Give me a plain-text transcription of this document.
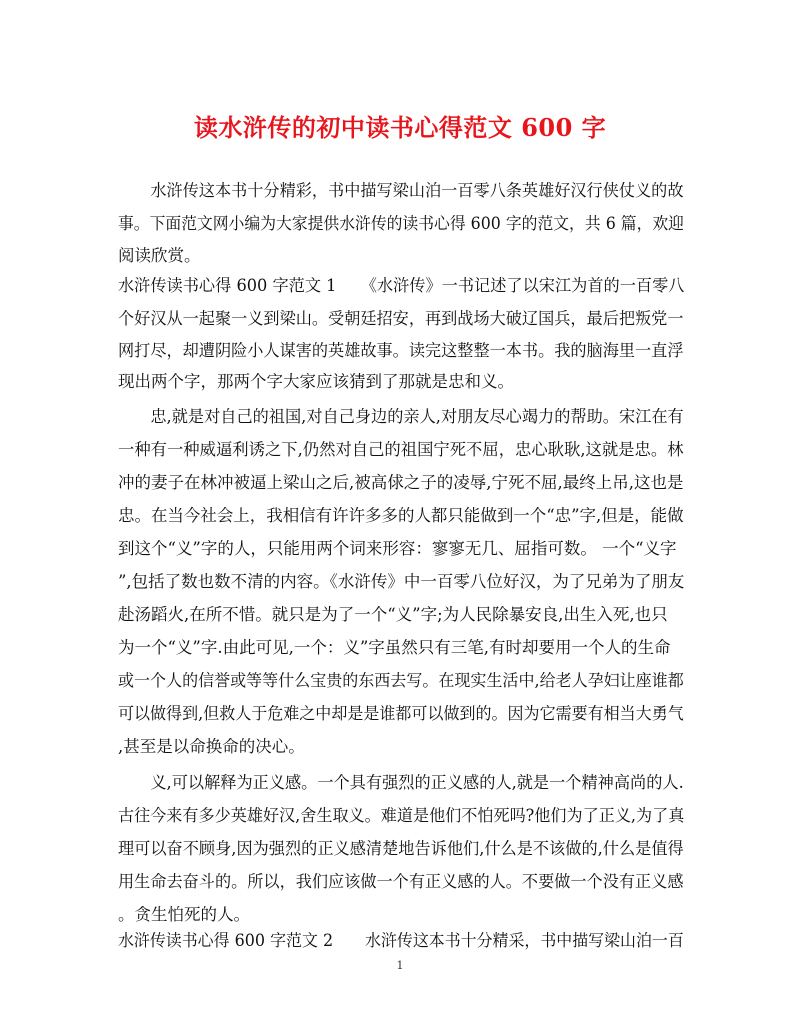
读水浒传的初中读书心得范文 600 字
　　水浒传这本书十分精彩，书中描写梁山泊一百零八条英雄好汉行侠仗义的故
事。下面范文网小编为大家提供水浒传的读书心得 600 字的范文，共 6 篇，欢迎
阅读欣赏。
水浒传读书心得 600 字范文 1　　《水浒传》一书记述了以宋江为首的一百零八
个好汉从一起聚一义到梁山。受朝廷招安，再到战场大破辽国兵，最后把叛党一
网打尽，却遭阴险小人谋害的英雄故事。读完这整整一本书。我的脑海里一直浮
现出两个字，那两个字大家应该猜到了那就是忠和义。
　　忠,就是对自己的祖国,对自己身边的亲人,对朋友尽心竭力的帮助。宋江在有
一种有一种威逼利诱之下,仍然对自己的祖国宁死不屈，忠心耿耿,这就是忠。林
冲的妻子在林冲被逼上梁山之后,被高俅之子的凌辱,宁死不屈,最终上吊,这也是
忠。在当今社会上，我相信有许许多多的人都只能做到一个“忠”字,但是，能做
到这个“义”字的人，只能用两个词来形容：寥寥无几、屈指可数。 一个“义字
”,包括了数也数不清的内容。《水浒传》中一百零八位好汉，为了兄弟为了朋友
赴汤蹈火,在所不惜。就只是为了一个“义”字;为人民除暴安良,出生入死,也只
为一个“义”字.由此可见,一个：义”字虽然只有三笔,有时却要用一个人的生命
或一个人的信誉或等等什么宝贵的东西去写。在现实生活中,给老人孕妇让座谁都
可以做得到,但救人于危难之中却是是谁都可以做到的。因为它需要有相当大勇气
,甚至是以命换命的决心。
　　义,可以解释为正义感。一个具有强烈的正义感的人,就是一个精神高尚的人.
古往今来有多少英雄好汉,舍生取义。难道是他们不怕死吗?他们为了正义,为了真
理可以奋不顾身,因为强烈的正义感清楚地告诉他们,什么是不该做的,什么是值得
用生命去奋斗的。所以，我们应该做一个有正义感的人。不要做一个没有正义感
。贪生怕死的人。
水浒传读书心得 600 字范文 2　　水浒传这本书十分精采，书中描写梁山泊一百
1
